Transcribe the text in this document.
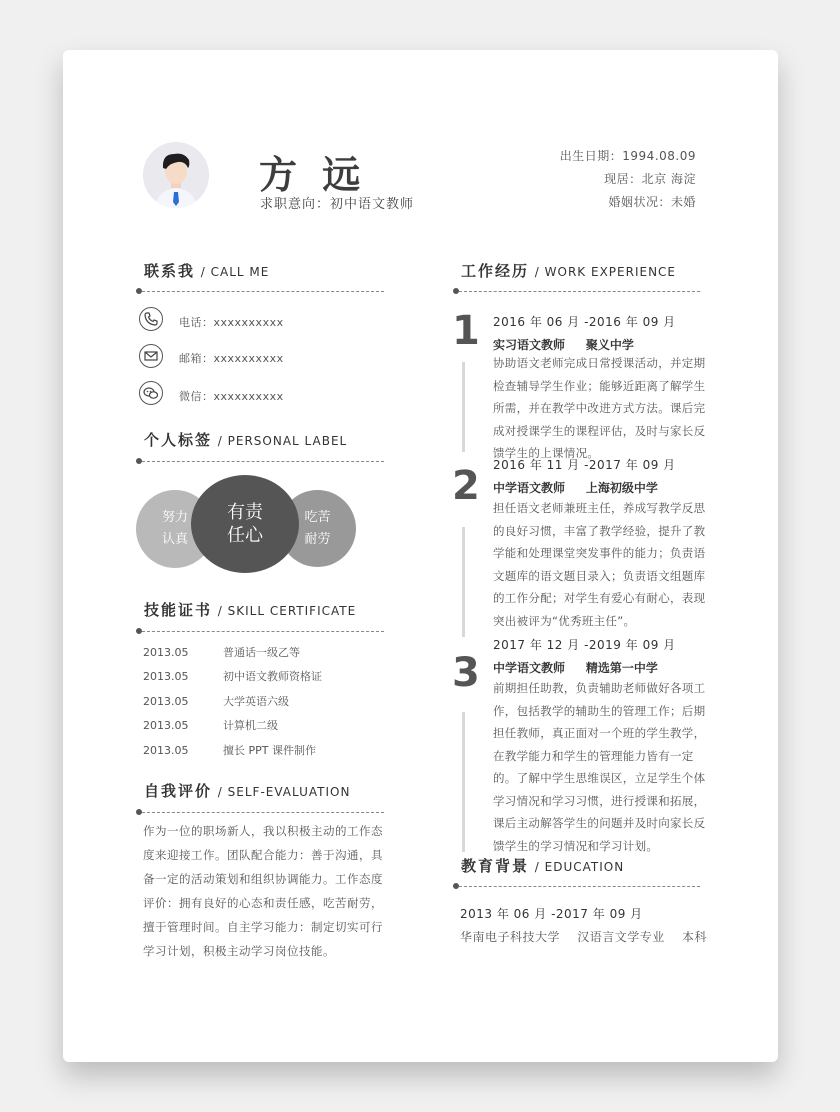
方 远
求职意向：初中语文教师
出生日期：1994.08.09
现居：北京 海淀
婚姻状况：未婚
联系我 / CALL ME
电话：xxxxxxxxxx
邮箱：xxxxxxxxxx
微信：xxxxxxxxxx
个人标签 / PERSONAL LABEL
努力
认真
吃苦
耐劳
有责
任心
技能证书 / SKILL CERTIFICATE
2013.05	普通话一级乙等
2013.05	初中语文教师资格证
2013.05	大学英语六级
2013.05	计算机二级
2013.05	擅长 PPT 课件制作
自我评价 / SELF-EVALUATION
作为一位的职场新人，我以积极主动的工作态
度来迎接工作。团队配合能力：善于沟通，具
备一定的活动策划和组织协调能力。工作态度
评价：拥有良好的心态和责任感，吃苦耐劳，
擅于管理时间。自主学习能力：制定切实可行
学习计划，积极主动学习岗位技能。
工作经历 / WORK EXPERIENCE
1 2016 年 06 月 -2016 年 09 月
实习语文教师     聚义中学
协助语文老师完成日常授课活动，并定期
检查辅导学生作业；能够近距离了解学生
所需，并在教学中改进方式方法。课后完
成对授课学生的课程评估，及时与家长反
馈学生的上课情况。
2 2016 年 11 月 -2017 年 09 月
中学语文教师     上海初级中学
担任语文老师兼班主任，养成写教学反思
的良好习惯，丰富了教学经验，提升了教
学能和处理课堂突发事件的能力；负责语
文题库的语文题目录入；负责语文组题库
的工作分配；对学生有爱心有耐心，表现
突出被评为“优秀班主任”。
3
2017 年 12 月 -2019 年 09 月
中学语文教师     精选第一中学
前期担任助教，负责辅助老师做好各项工
作，包括教学的辅助生的管理工作；后期
担任教师，真正面对一个班的学生教学，
在教学能力和学生的管理能力皆有一定
的。了解中学生思维误区，立足学生个体
学习情况和学习习惯，进行授课和拓展，
课后主动解答学生的问题并及时向家长反
馈学生的学习情况和学习计划。
教育背景 / EDUCATION
2013 年 06 月 -2017 年 09 月
华南电子科技大学    汉语言文学专业    本科
